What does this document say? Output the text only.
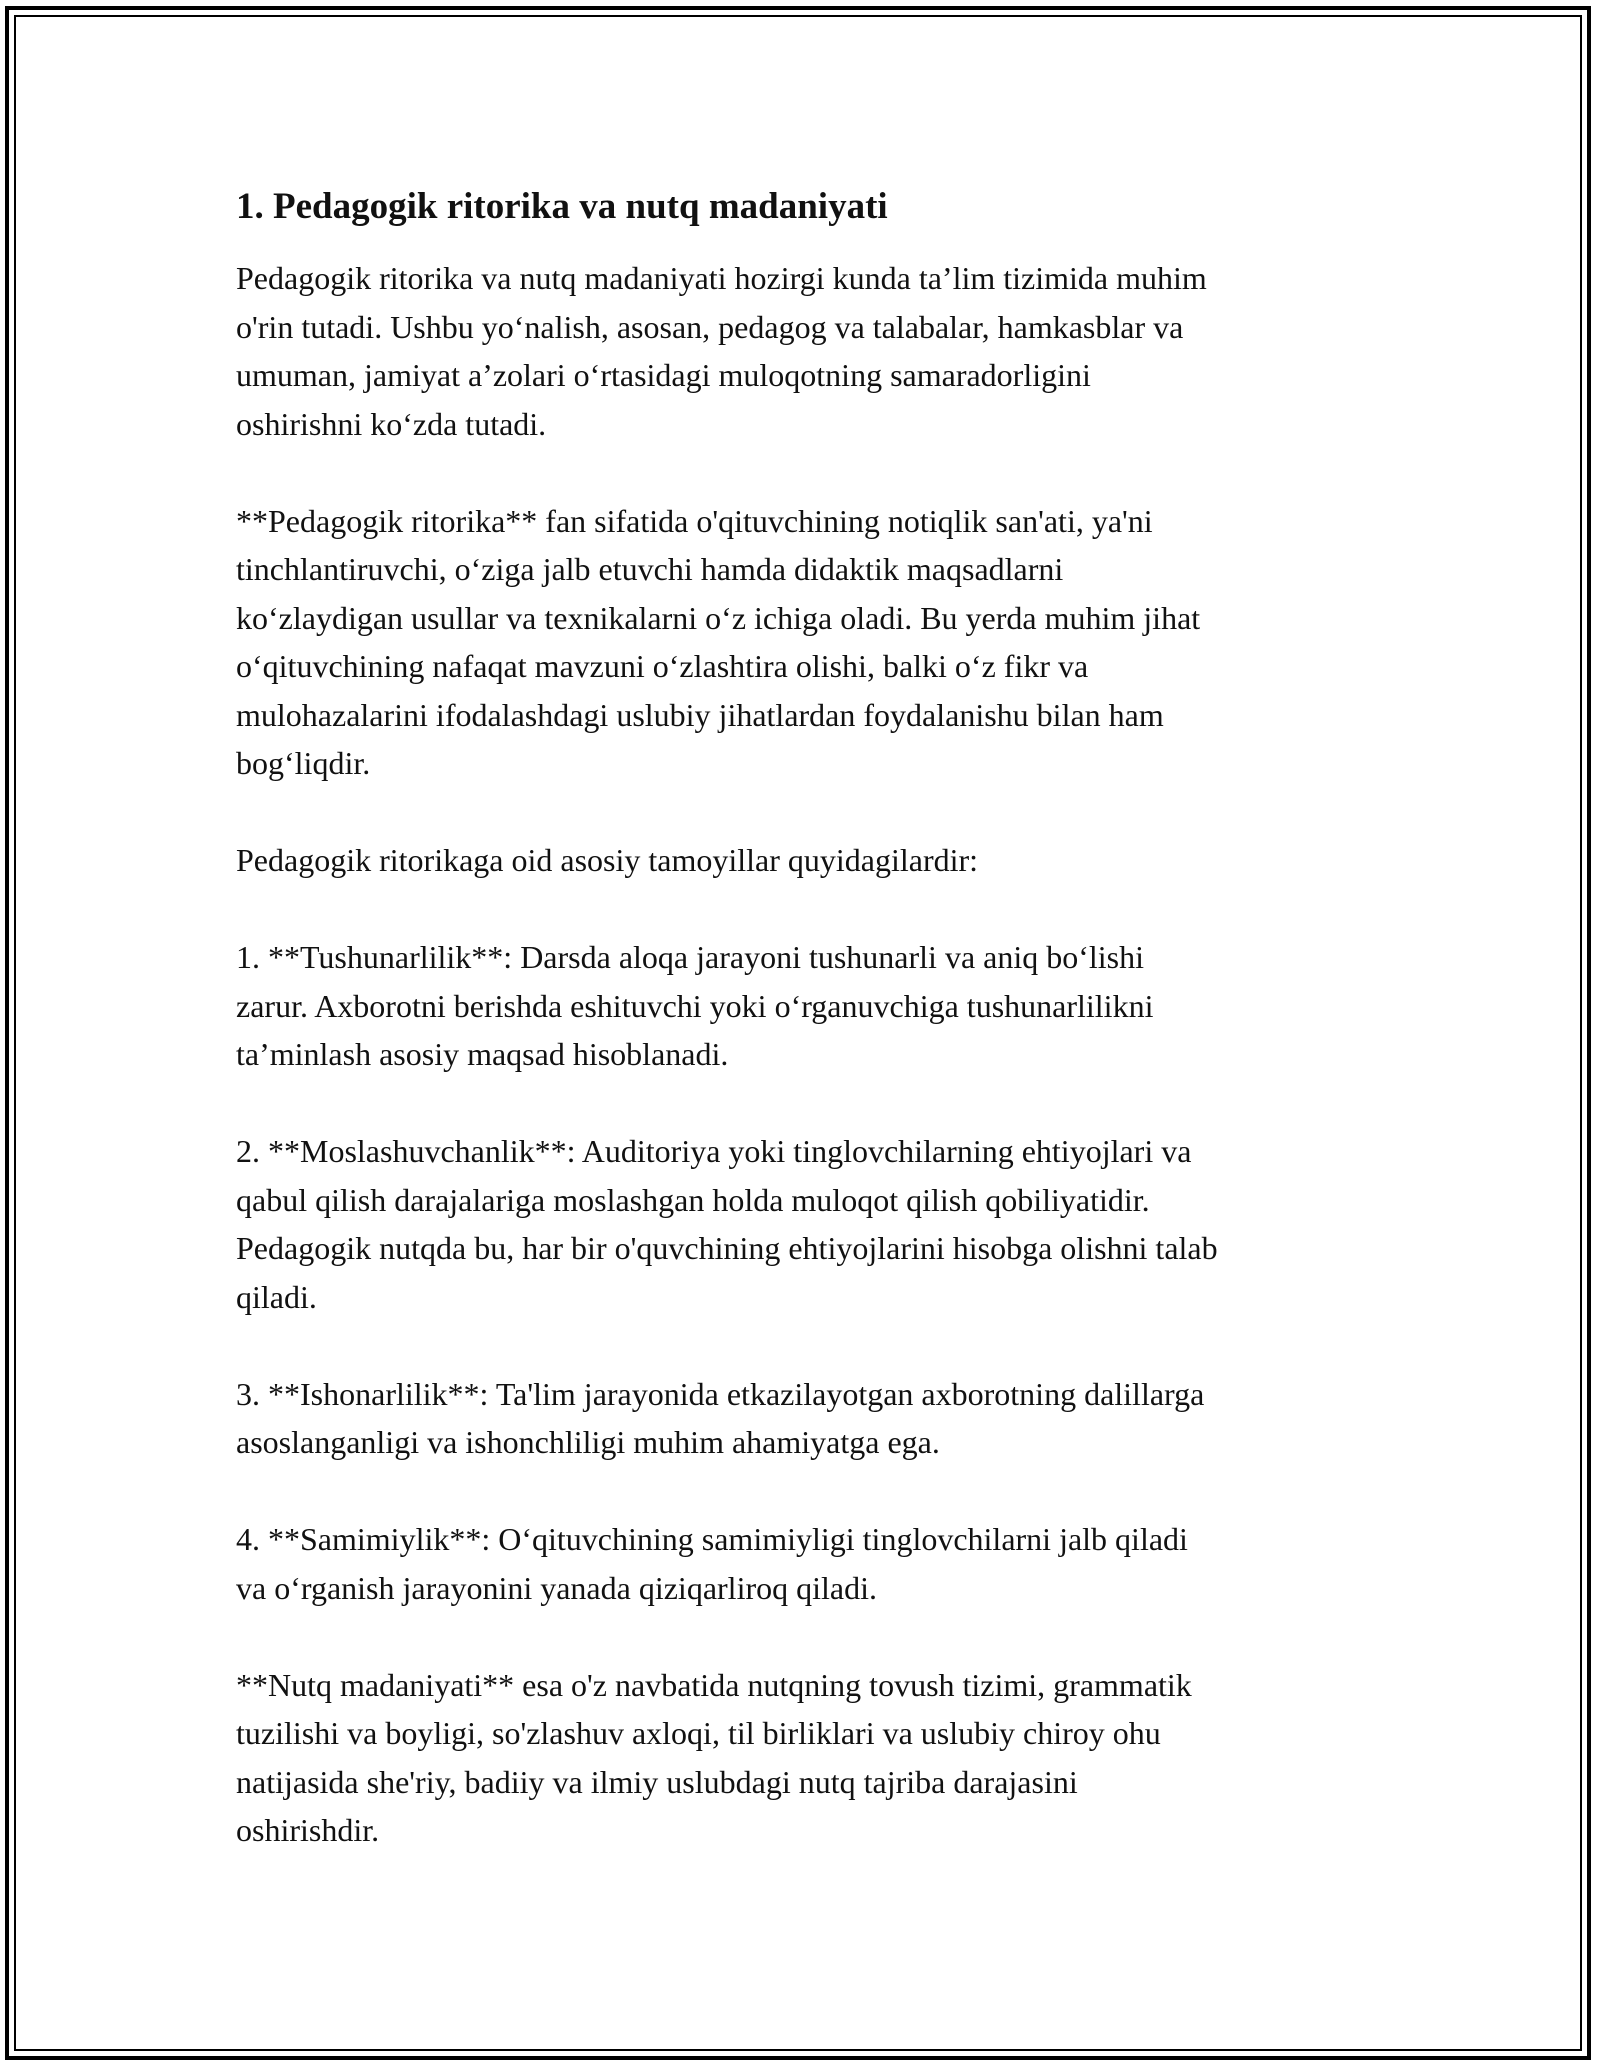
1. Pedagogik ritorika va nutq madaniyati

Pedagogik ritorika va nutq madaniyati hozirgi kunda ta’lim tizimida muhim
o'rin tutadi. Ushbu yo‘nalish, asosan, pedagog va talabalar, hamkasblar va
umuman, jamiyat a’zolari o‘rtasidagi muloqotning samaradorligini
oshirishni ko‘zda tutadi.

**Pedagogik ritorika** fan sifatida o'qituvchining notiqlik san'ati, ya'ni
tinchlantiruvchi, o‘ziga jalb etuvchi hamda didaktik maqsadlarni
ko‘zlaydigan usullar va texnikalarni o‘z ichiga oladi. Bu yerda muhim jihat
o‘qituvchining nafaqat mavzuni o‘zlashtira olishi, balki o‘z fikr va
mulohazalarini ifodalashdagi uslubiy jihatlardan foydalanishu bilan ham
bog‘liqdir.

Pedagogik ritorikaga oid asosiy tamoyillar quyidagilardir:

1. **Tushunarlilik**: Darsda aloqa jarayoni tushunarli va aniq bo‘lishi
zarur. Axborotni berishda eshituvchi yoki o‘rganuvchiga tushunarlilikni
ta’minlash asosiy maqsad hisoblanadi.

2. **Moslashuvchanlik**: Auditoriya yoki tinglovchilarning ehtiyojlari va
qabul qilish darajalariga moslashgan holda muloqot qilish qobiliyatidir.
Pedagogik nutqda bu, har bir o'quvchining ehtiyojlarini hisobga olishni talab
qiladi.

3. **Ishonarlilik**: Ta'lim jarayonida etkazilayotgan axborotning dalillarga
asoslanganligi va ishonchliligi muhim ahamiyatga ega.

4. **Samimiylik**: O‘qituvchining samimiyligi tinglovchilarni jalb qiladi
va o‘rganish jarayonini yanada qiziqarliroq qiladi.

**Nutq madaniyati** esa o'z navbatida nutqning tovush tizimi, grammatik
tuzilishi va boyligi, so'zlashuv axloqi, til birliklari va uslubiy chiroy ohu
natijasida she'riy, badiiy va ilmiy uslubdagi nutq tajriba darajasini
oshirishdir.
